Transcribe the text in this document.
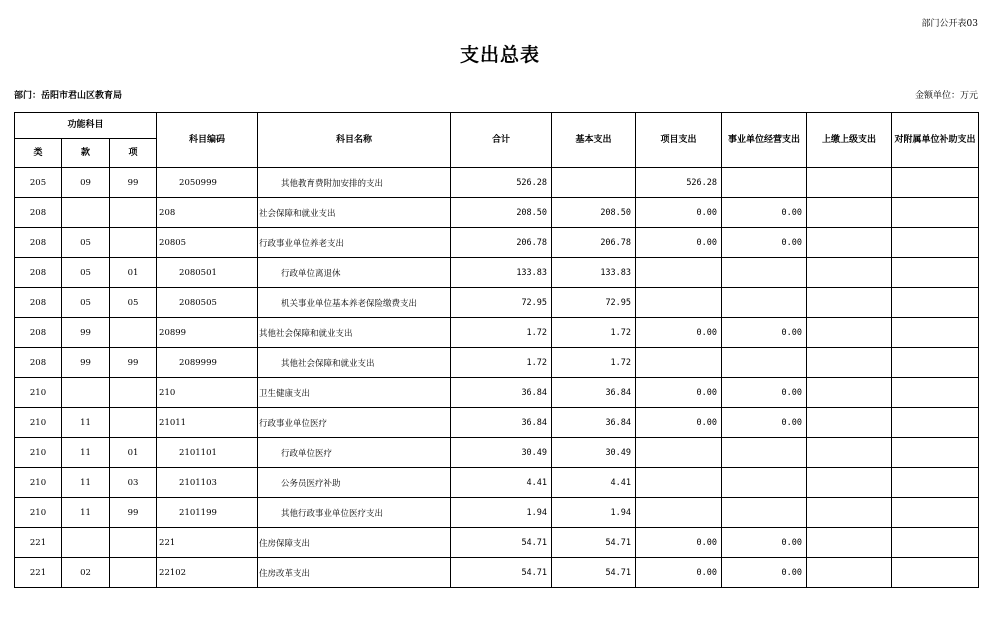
部门公开表03
支出总表
部门：岳阳市君山区教育局	金额单位：万元
功能科目			科目编码	科目名称	合计	基本支出	项目支出	事业单位经营支出	上缴上级支出	对附属单位补助支出
类	款	项								
205	09	99	2050999	其他教育费附加安排的支出	526.28		526.28			
208			208	社会保障和就业支出	208.50	208.50	0.00	0.00		
208	05		20805	行政事业单位养老支出	206.78	206.78	0.00	0.00		
208	05	01	2080501	行政单位离退休	133.83	133.83				
208	05	05	2080505	机关事业单位基本养老保险缴费支出	72.95	72.95				
208	99		20899	其他社会保障和就业支出	1.72	1.72	0.00	0.00		
208	99	99	2089999	其他社会保障和就业支出	1.72	1.72				
210			210	卫生健康支出	36.84	36.84	0.00	0.00		
210	11		21011	行政事业单位医疗	36.84	36.84	0.00	0.00		
210	11	01	2101101	行政单位医疗	30.49	30.49				
210	11	03	2101103	公务员医疗补助	4.41	4.41				
210	11	99	2101199	其他行政事业单位医疗支出	1.94	1.94				
221			221	住房保障支出	54.71	54.71	0.00	0.00		
221	02		22102	住房改革支出	54.71	54.71	0.00	0.00		
